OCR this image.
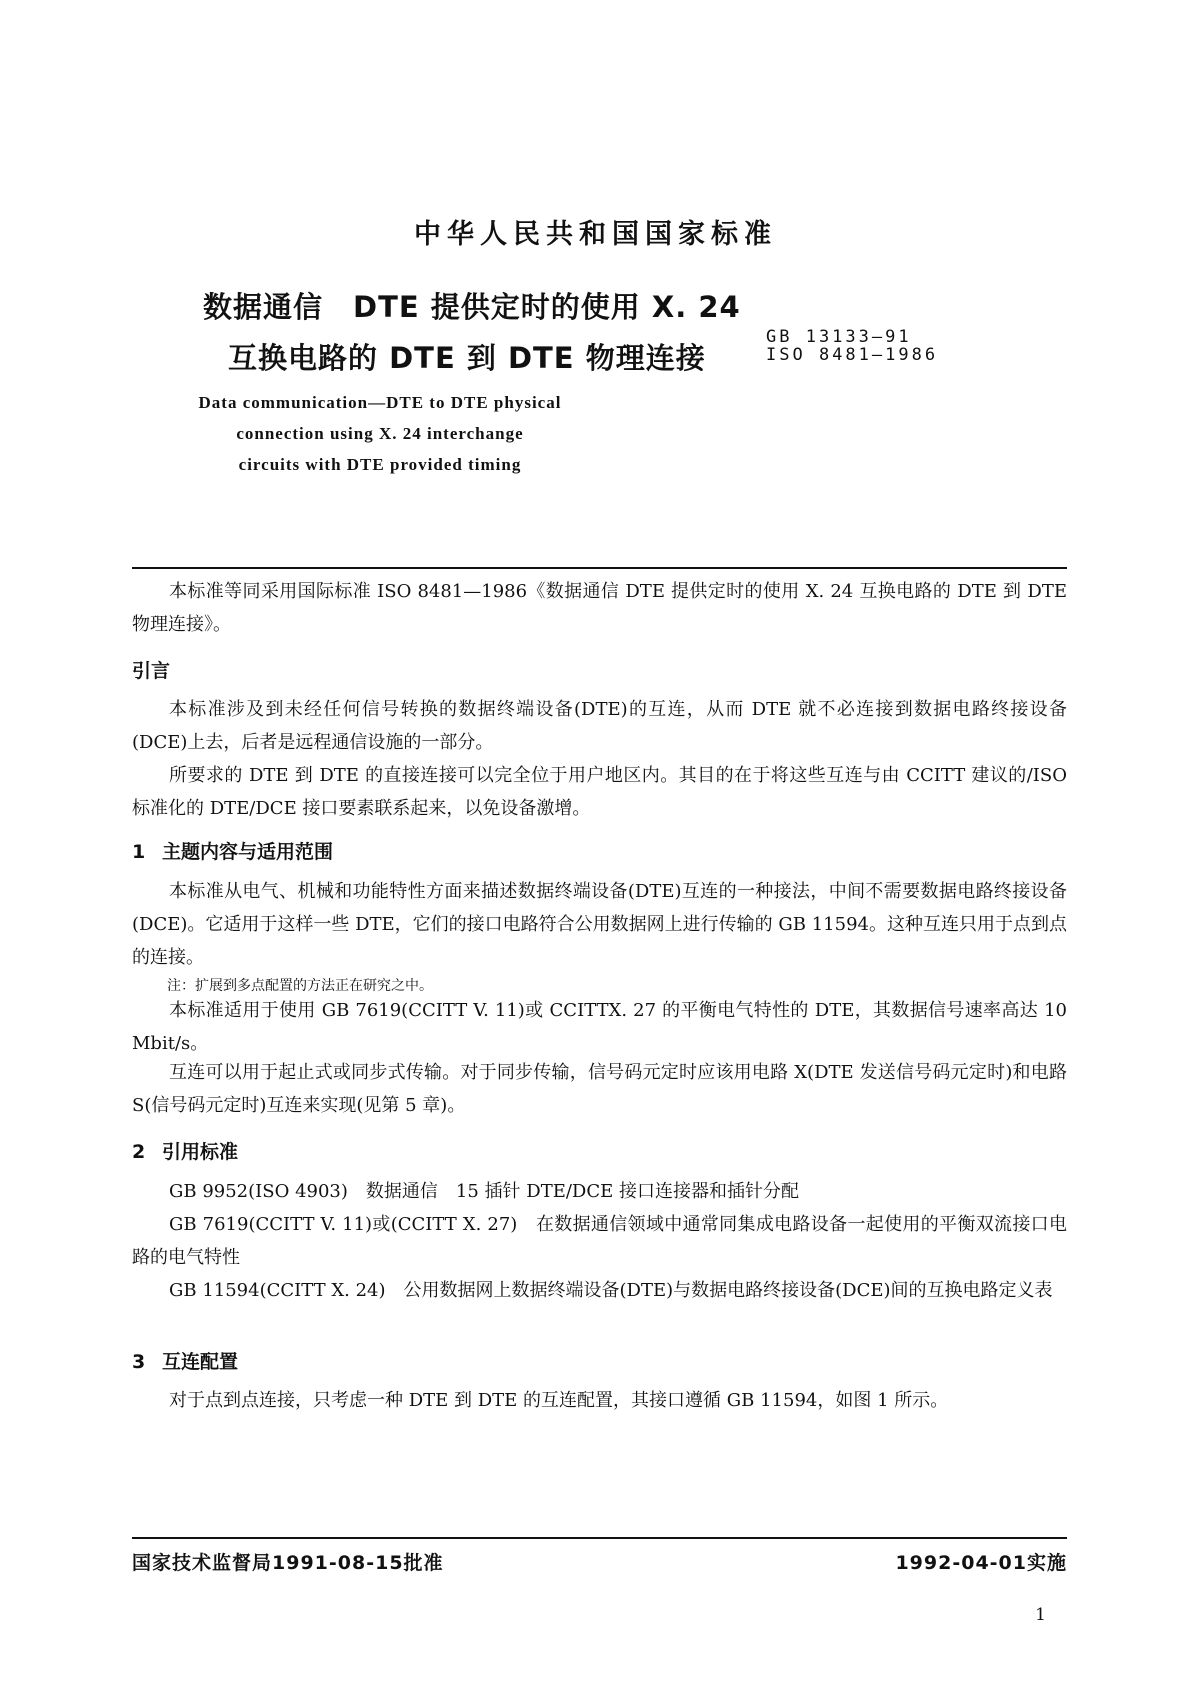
中华人民共和国国家标准
数据通信　DTE 提供定时的使用 X. 24
互换电路的 DTE 到 DTE 物理连接
GB 13133—91
ISO 8481—1986
Data communication—DTE to DTE physical
connection using X. 24 interchange
circuits with DTE provided timing
本标准等同采用国际标准 ISO 8481—1986《数据通信 DTE 提供定时的使用 X. 24 互换电路的 DTE 到 DTE 物理连接》。
引言
本标准涉及到未经任何信号转换的数据终端设备(DTE)的互连，从而 DTE 就不必连接到数据电路终接设备(DCE)上去，后者是远程通信设施的一部分。
所要求的 DTE 到 DTE 的直接连接可以完全位于用户地区内。其目的在于将这些互连与由 CCITT 建议的/ISO 标准化的 DTE/DCE 接口要素联系起来，以免设备激增。
1 主题内容与适用范围
本标准从电气、机械和功能特性方面来描述数据终端设备(DTE)互连的一种接法，中间不需要数据电路终接设备(DCE)。它适用于这样一些 DTE，它们的接口电路符合公用数据网上进行传输的 GB 11594。这种互连只用于点到点的连接。
注：扩展到多点配置的方法正在研究之中。
本标准适用于使用 GB 7619(CCITT V. 11)或 CCITTX. 27 的平衡电气特性的 DTE，其数据信号速率高达 10 Mbit/s。
互连可以用于起止式或同步式传输。对于同步传输，信号码元定时应该用电路 X(DTE 发送信号码元定时)和电路 S(信号码元定时)互连来实现(见第 5 章)。
2 引用标准
GB 9952(ISO 4903)　数据通信　15 插针 DTE/DCE 接口连接器和插针分配
GB 7619(CCITT V. 11)或(CCITT X. 27)　在数据通信领域中通常同集成电路设备一起使用的平衡双流接口电路的电气特性
GB 11594(CCITT X. 24)　公用数据网上数据终端设备(DTE)与数据电路终接设备(DCE)间的互换电路定义表
3 互连配置
对于点到点连接，只考虑一种 DTE 到 DTE 的互连配置，其接口遵循 GB 11594，如图 1 所示。
国家技术监督局1991-08-15批准	1992-04-01实施
1
